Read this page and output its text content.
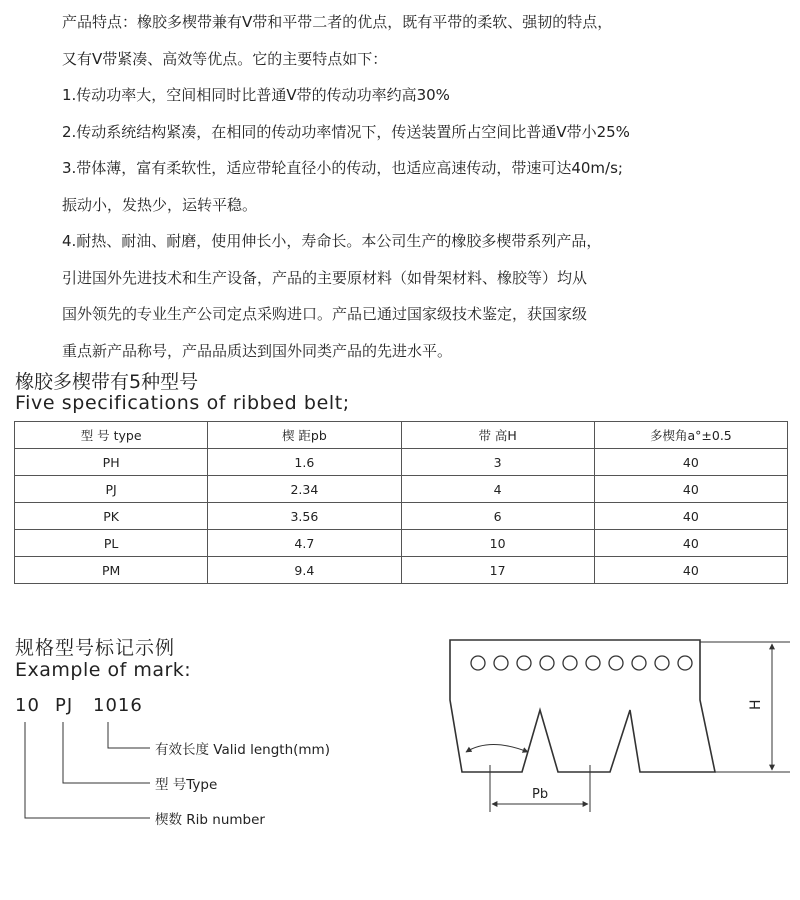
产品特点：橡胶多楔带兼有V带和平带二者的优点，既有平带的柔软、强韧的特点，
又有V带紧凑、高效等优点。它的主要特点如下：
1.传动功率大，空间相同时比普通V带的传动功率约高30%
2.传动系统结构紧凑，在相同的传动功率情况下，传送装置所占空间比普通V带小25%
3.带体薄，富有柔软性，适应带轮直径小的传动，也适应高速传动，带速可达40m/s;
振动小，发热少，运转平稳。
4.耐热、耐油、耐磨，使用伸长小，寿命长。本公司生产的橡胶多楔带系列产品，
引进国外先进技术和生产设备，产品的主要原材料（如骨架材料、橡胶等）均从
国外领先的专业生产公司定点采购进口。产品已通过国家级技术鉴定，获国家级
重点新产品称号，产品品质达到国外同类产品的先进水平。
橡胶多楔带有5种型号
Five specifications of ribbed belt;
型 号 type	楔 距pb	带 高H	多楔角a°±0.5
PH	1.6	3	40
PJ	2.34	4	40
PK	3.56	6	40
PL	4.7	10	40
PM	9.4	17	40
规格型号标记示例
Example of mark:
10 PJ 1016
有效长度 Valid length(mm)
型 号Type
楔数 Rib number
Pb
H
